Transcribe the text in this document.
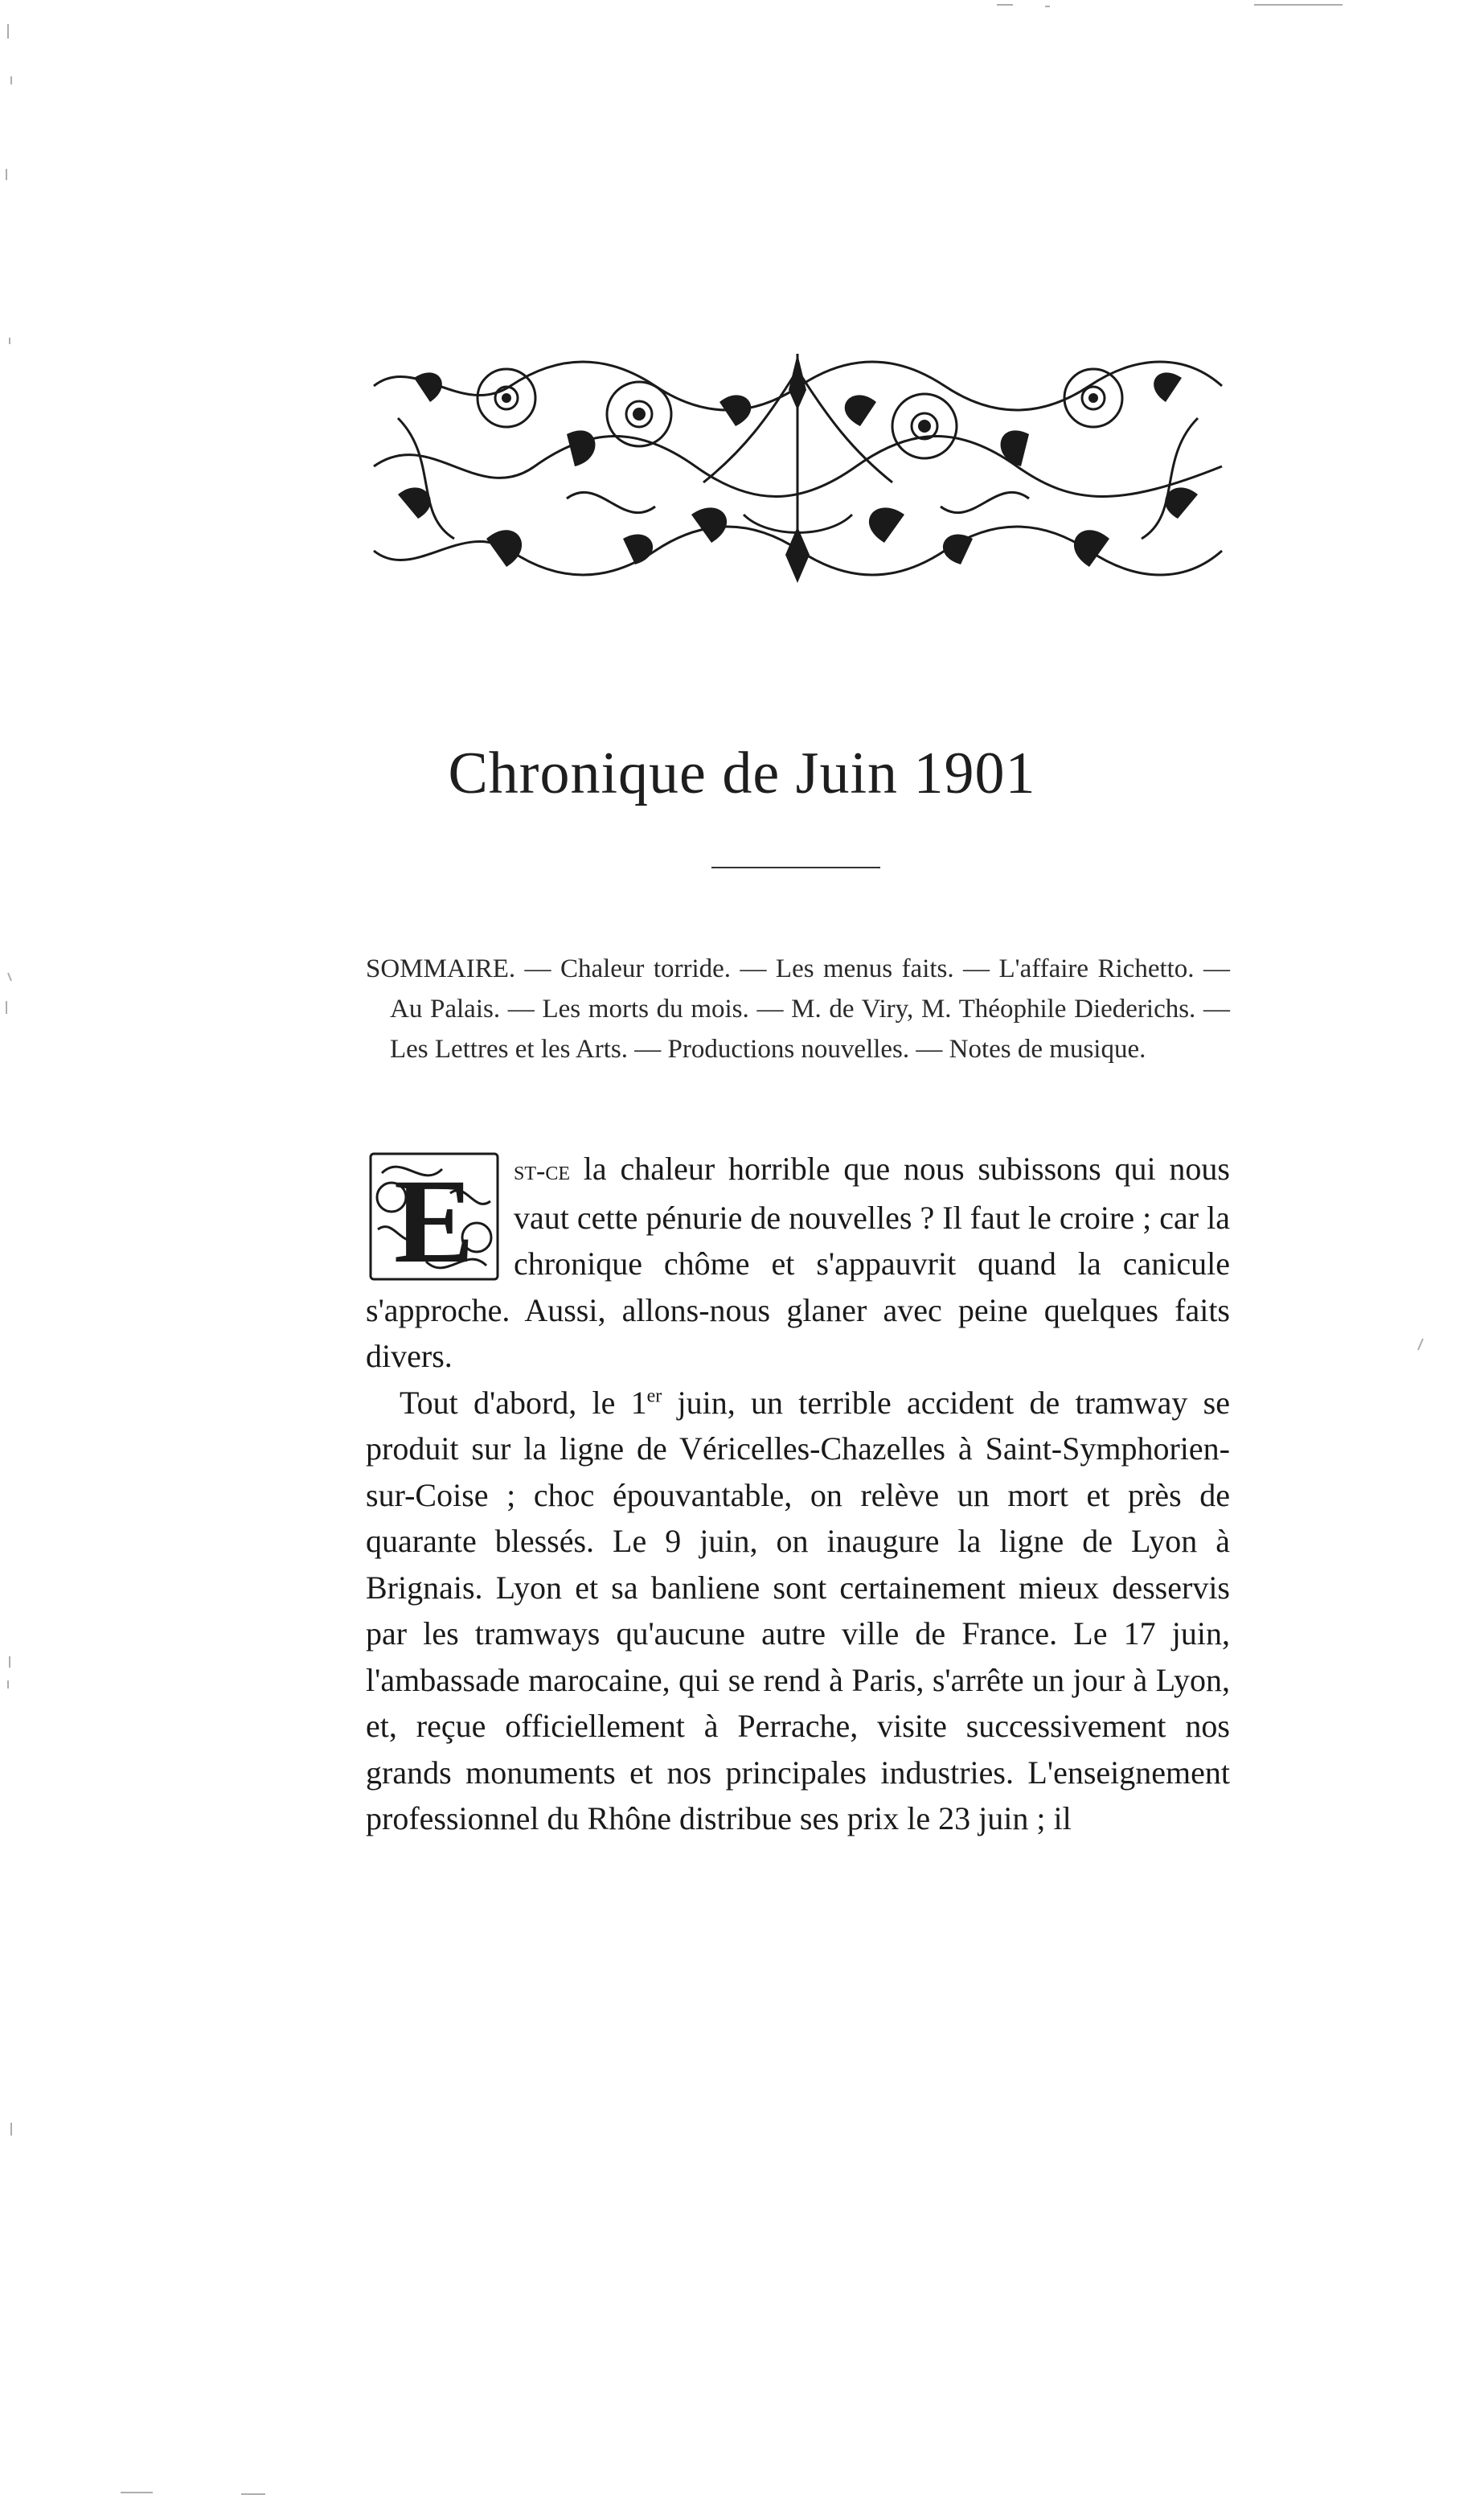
Chronique de Juin 1901

SOMMAIRE. — Chaleur torride. — Les menus faits. — L'affaire Richetto. — Au Palais. — Les morts du mois. — M. de Viry, M. Théophile Diederichs. — Les Lettres et les Arts. — Productions nouvelles. — Notes de musique.

E	st-ce la chaleur horrible que nous subissons qui nous vaut cette pénurie de nouvelles ? Il faut le croire ; car la chronique chôme et s'appauvrit quand la canicule s'approche. Aussi, allons-nous glaner avec peine quelques faits divers.

Tout d'abord, le 1er juin, un terrible accident de tramway se produit sur la ligne de Véricelles-Chazelles à Saint-Symphorien-sur-Coise ; choc épouvantable, on relève un mort et près de quarante blessés. Le 9 juin, on inaugure la ligne de Lyon à Brignais. Lyon et sa banliene sont certainement mieux desservis par les tramways qu'aucune autre ville de France. Le 17 juin, l'ambassade marocaine, qui se rend à Paris, s'arrête un jour à Lyon, et, reçue officiellement à Perrache, visite successivement nos grands monuments et nos principales industries. L'enseignement professionnel du Rhône distribue ses prix le 23 juin ; il
